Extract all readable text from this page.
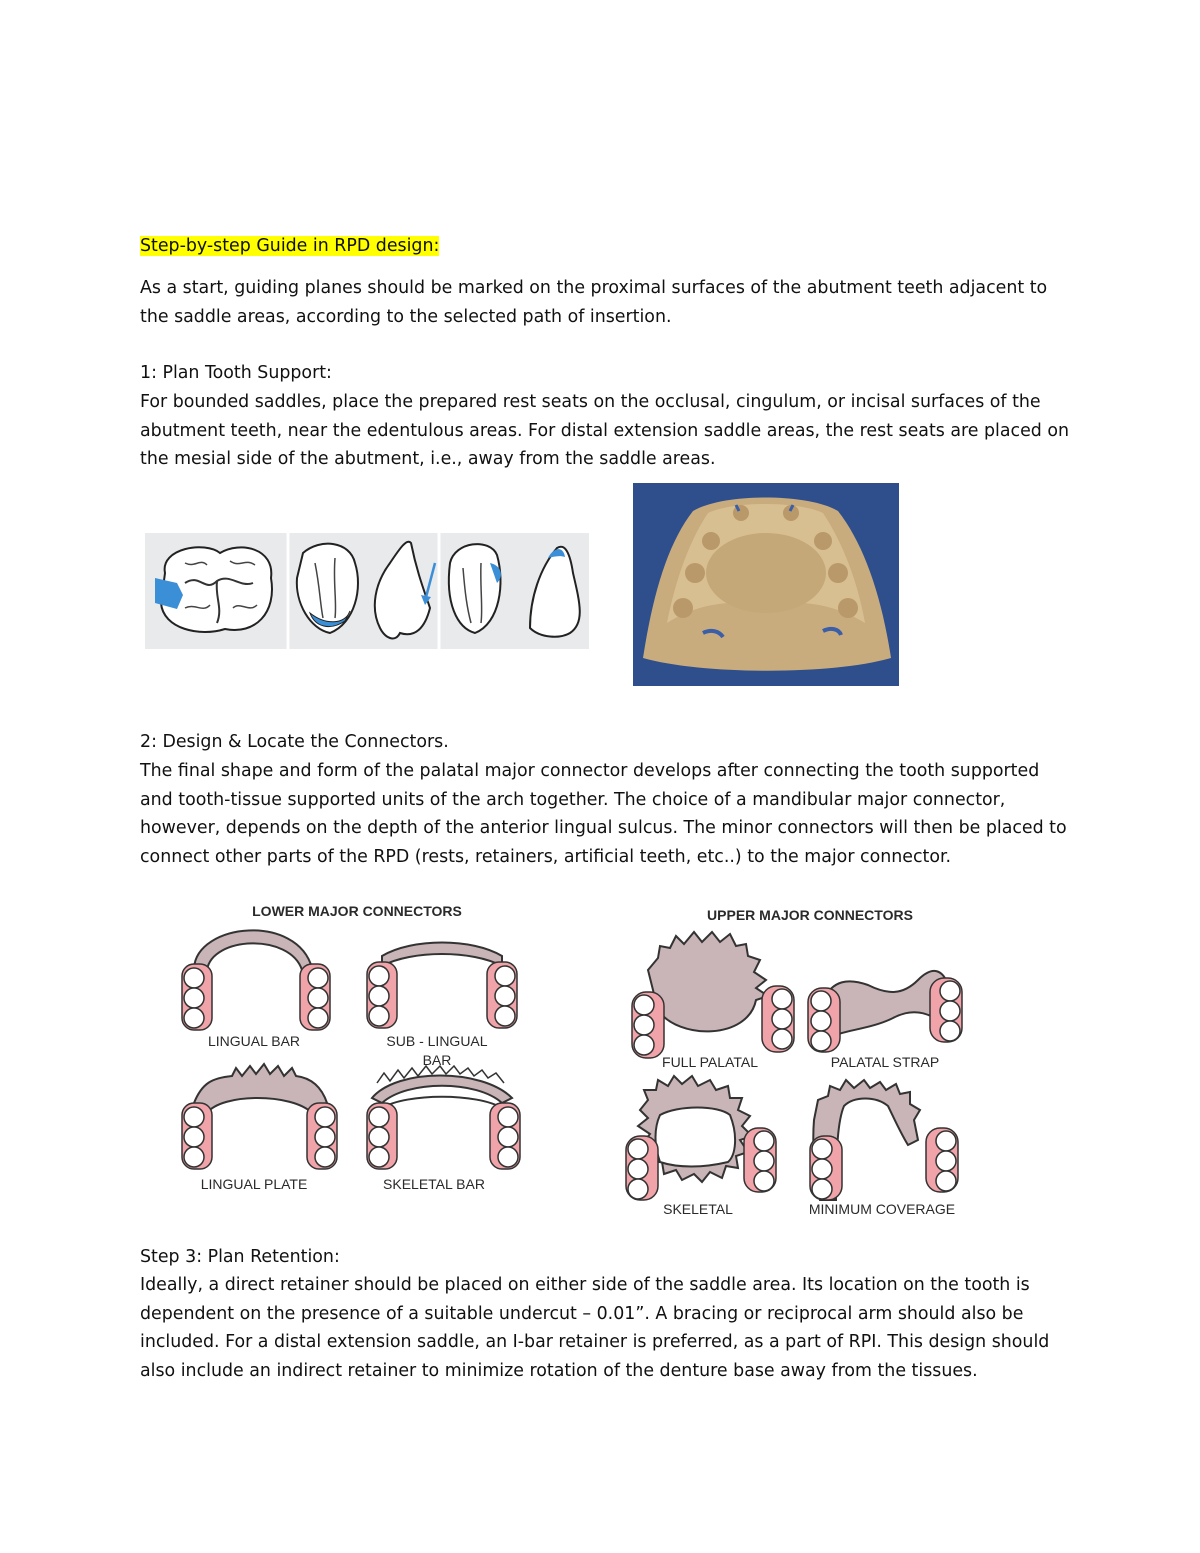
Step-by-step Guide in RPD design:

As a start, guiding planes should be marked on the proximal surfaces of the abutment teeth adjacent to the saddle areas, according to the selected path of insertion.

1: Plan Tooth Support:

For bounded saddles, place the prepared rest seats on the occlusal, cingulum, or incisal surfaces of the abutment teeth, near the edentulous areas. For distal extension saddle areas, the rest seats are placed on the mesial side of the abutment, i.e., away from the saddle areas.

2: Design & Locate the Connectors.

The final shape and form of the palatal major connector develops after connecting the tooth supported and tooth-tissue supported units of the arch together. The choice of a mandibular major connector, however, depends on the depth of the anterior lingual sulcus. The minor connectors will then be placed to connect other parts of the RPD (rests, retainers, artificial teeth, etc..) to the major connector.

LOWER MAJOR CONNECTORS
LINGUAL BAR	SUB - LINGUAL
BAR
LINGUAL PLATE	SKELETAL BAR
UPPER MAJOR CONNECTORS
FULL PALATAL	PALATAL STRAP
SKELETAL	MINIMUM COVERAGE

Step 3: Plan Retention:

Ideally, a direct retainer should be placed on either side of the saddle area. Its location on the tooth is dependent on the presence of a suitable undercut – 0.01”. A bracing or reciprocal arm should also be included. For a distal extension saddle, an I-bar retainer is preferred, as a part of RPI. This design should also include an indirect retainer to minimize rotation of the denture base away from the tissues.
